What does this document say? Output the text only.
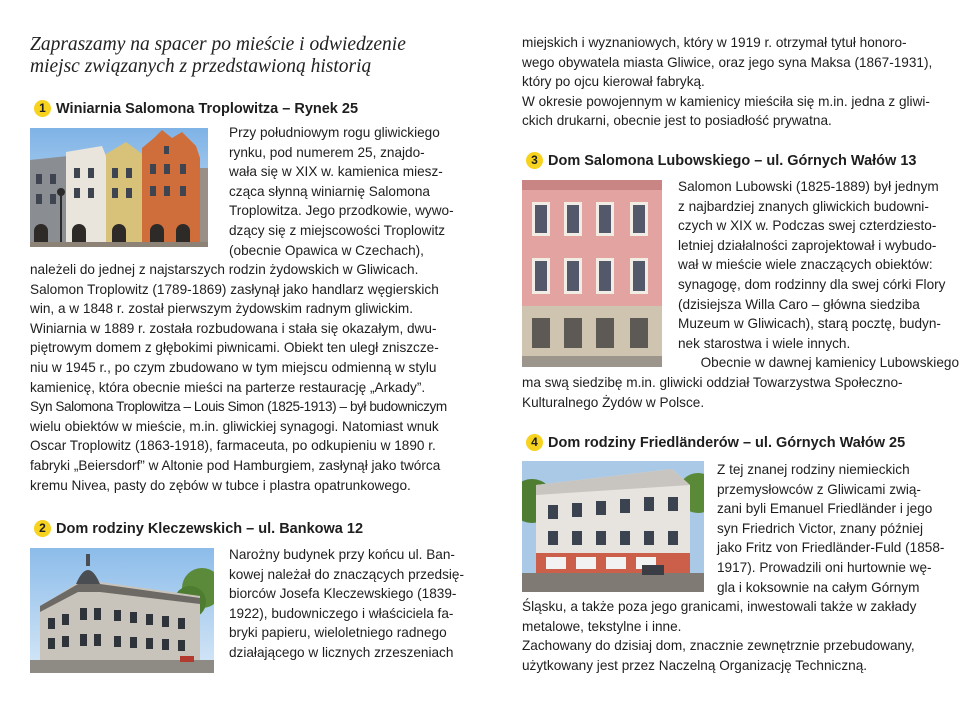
Zapraszamy na spacer po mieście i odwiedzenie
miejsc związanych z przedstawioną historią
1 Winiarnia Salomona Troplowitza – Rynek 25
Przy południowym rogu gliwickiego
rynku, pod numerem 25, znajdo-
wała się w XIX w. kamienica miesz-
cząca słynną winiarnię Salomona
Troplowitza. Jego przodkowie, wywo-
dzący się z miejscowości Troplowitz
(obecnie Opawica w Czechach),
należeli do jednej z najstarszych rodzin żydowskich w Gliwicach.
Salomon Troplowitz (1789-1869) zasłynął jako handlarz węgierskich
win, a w 1848 r. został pierwszym żydowskim radnym gliwickim.
Winiarnia w 1889 r. została rozbudowana i stała się okazałym, dwu-
piętrowym domem z głębokimi piwnicami. Obiekt ten uległ zniszcze-
niu w 1945 r., po czym zbudowano w tym miejscu odmienną w stylu
kamienicę, która obecnie mieści na parterze restaurację „Arkady”.
Syn Salomona Troplowitza – Louis Simon (1825-1913) – był budowniczym
wielu obiektów w mieście, m.in. gliwickiej synagogi. Natomiast wnuk
Oscar Troplowitz (1863-1918), farmaceuta, po odkupieniu w 1890 r.
fabryki „Beiersdorf” w Altonie pod Hamburgiem, zasłynął jako twórca
kremu Nivea, pasty do zębów w tubce i plastra opatrunkowego.
2 Dom rodziny Kleczewskich – ul. Bankowa 12
Narożny budynek przy końcu ul. Ban-
kowej należał do znaczących przedsię-
biorców Josefa Kleczewskiego (1839-
1922), budowniczego i właściciela fa-
bryki papieru, wieloletniego radnego
działającego w licznych zrzeszeniach
miejskich i wyznaniowych, który w 1919 r. otrzymał tytuł honoro-
wego obywatela miasta Gliwice, oraz jego syna Maksa (1867-1931),
który po ojcu kierował fabryką.
W okresie powojennym w kamienicy mieściła się m.in. jedna z gliwi-
ckich drukarni, obecnie jest to posiadłość prywatna.
3 Dom Salomona Lubowskiego – ul. Górnych Wałów 13
Salomon Lubowski (1825-1889) był jednym
z najbardziej znanych gliwickich budowni-
czych w XIX w. Podczas swej czterdziesto-
letniej działalności zaprojektował i wybudo-
wał w mieście wiele znaczących obiektów:
synagogę, dom rodzinny dla swej córki Flory
(dzisiejsza Willa Caro – główna siedziba
Muzeum w Gliwicach), starą pocztę, budyn-
nek starostwa i wiele innych.
Obecnie w dawnej kamienicy Lubowskiego
ma swą siedzibę m.in. gliwicki oddział Towarzystwa Społeczno-
Kulturalnego Żydów w Polsce.
4 Dom rodziny Friedländerów – ul. Górnych Wałów 25
Z tej znanej rodziny niemieckich
przemysłowców z Gliwicami zwią-
zani byli Emanuel Friedländer i jego
syn Friedrich Victor, znany później
jako Fritz von Friedländer-Fuld (1858-
1917). Prowadzili oni hurtownie wę-
gla i koksownie na całym Górnym
Śląsku, a także poza jego granicami, inwestowali także w zakłady
metalowe, tekstylne i inne.
Zachowany do dzisiaj dom, znacznie zewnętrznie przebudowany,
użytkowany jest przez Naczelną Organizację Techniczną.
